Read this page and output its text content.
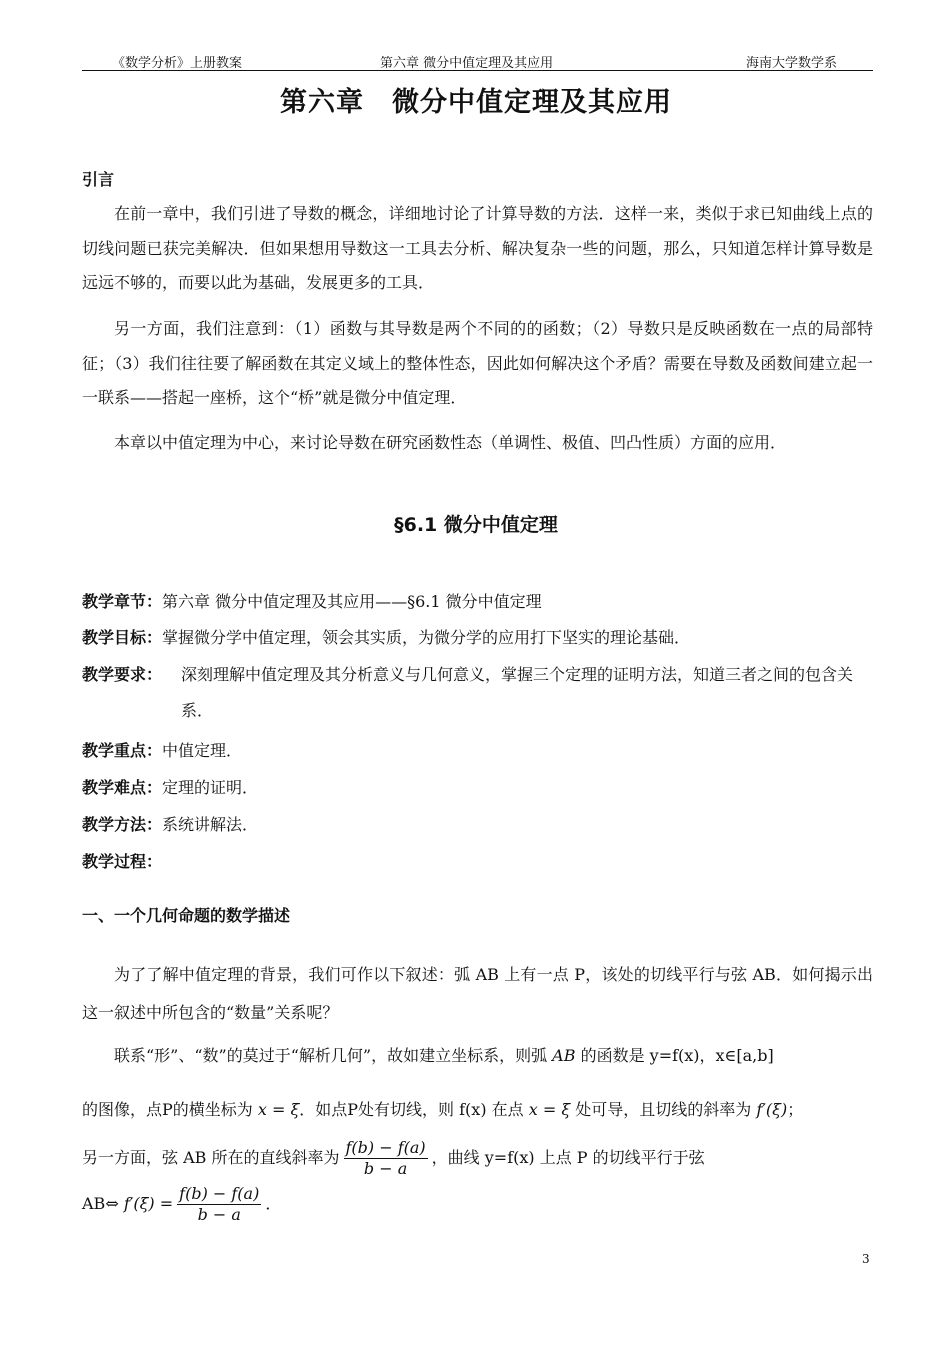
《数学分析》上册教案	第六章 微分中值定理及其应用	海南大学数学系
第六章　微分中值定理及其应用
引言
在前一章中，我们引进了导数的概念，详细地讨论了计算导数的方法．这样一来，类似于求已知曲线上点的切线问题已获完美解决．但如果想用导数这一工具去分析、解决复杂一些的问题，那么，只知道怎样计算导数是远远不够的，而要以此为基础，发展更多的工具．
另一方面，我们注意到：（1）函数与其导数是两个不同的的函数；（2）导数只是反映函数在一点的局部特征；（3）我们往往要了解函数在其定义域上的整体性态，因此如何解决这个矛盾？需要在导数及函数间建立起一一联系——搭起一座桥，这个“桥”就是微分中值定理．
本章以中值定理为中心，来讨论导数在研究函数性态（单调性、极值、凹凸性质）方面的应用．
§6.1 微分中值定理
教学章节：第六章 微分中值定理及其应用——§6.1 微分中值定理
教学目标：掌握微分学中值定理，领会其实质，为微分学的应用打下坚实的理论基础．
教学要求：	深刻理解中值定理及其分析意义与几何意义，掌握三个定理的证明方法，知道三者之间的包含关系．
教学重点：中值定理．
教学难点：定理的证明．
教学方法：系统讲解法．
教学过程：
一、一个几何命题的数学描述
为了了解中值定理的背景，我们可作以下叙述：弧 AB 上有一点 P，该处的切线平行与弦 AB．如何揭示出这一叙述中所包含的“数量”关系呢？
联系“形”、“数”的莫过于“解析几何”，故如建立坐标系，则弧 AB 的函数是 y=f(x)，x∈[a,b]
的图像，点P的横坐标为 x = ξ．如点P处有切线，则 f(x) 在点 x = ξ 处可导，且切线的斜率为 f′(ξ)；
另一方面，弦 AB 所在的直线斜率为 $\frac{f(b) - f(a)}{b - a}$ ，曲线 y=f(x) 上点 P 的切线平行于弦
AB⇔ $f'(\xi) = \frac{f(b) - f(a)}{b - a}$ ．
3
